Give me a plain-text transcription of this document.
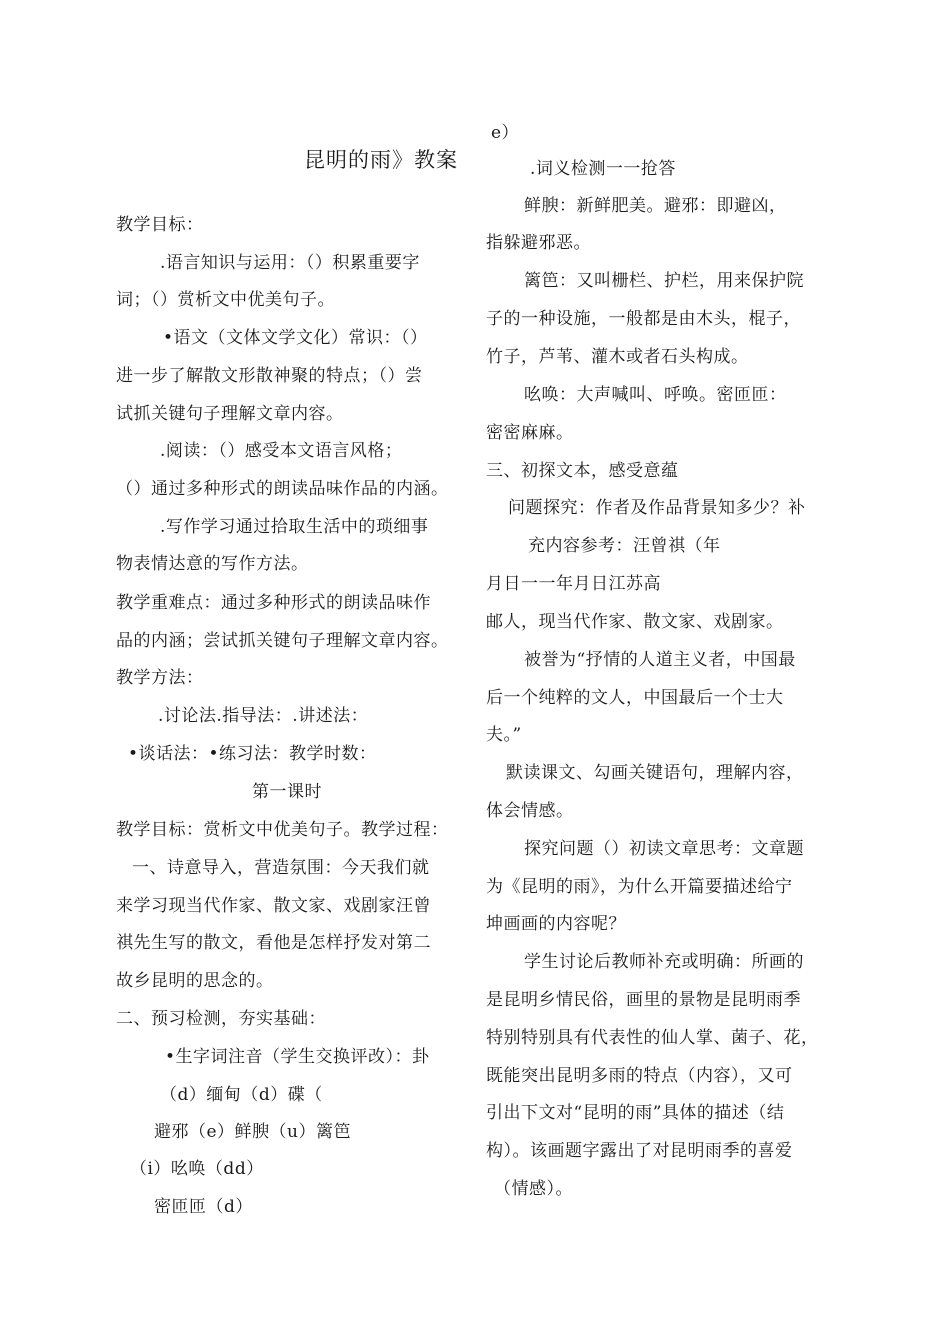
昆明的雨》教案
教学目标：
.语言知识与运用：（）积累重要字
词；（）赏析文中优美句子。
•语文（文体文学文化）常识：（）
进一步了解散文形散神聚的特点；（）尝
试抓关键句子理解文章内容。
.阅读：（）感受本文语言风格；
（）通过多种形式的朗读品味作品的内涵。
.写作学习通过拾取生活中的琐细事
物表情达意的写作方法。
教学重难点：通过多种形式的朗读品味作
品的内涵；尝试抓关键句子理解文章内容。
教学方法：
.讨论法.指导法：.讲述法：
•谈话法：•练习法：教学时数：
第一课时
教学目标：赏析文中优美句子。教学过程：
一、诗意导入，营造氛围：今天我们就
来学习现当代作家、散文家、戏剧家汪曾
祺先生写的散文，看他是怎样抒发对第二
故乡昆明的思念的。
二、预习检测，夯实基础：
•生字词注音（学生交换评改）：卦
（d）缅甸（d）碟（
避邪（e）鲜腴（u）篱笆
（i）吆唤（dd）
密匝匝（d）
e）
.词义检测一一抢答
鲜腴：新鲜肥美。避邪：即避凶，
指躲避邪恶。
篱笆：又叫栅栏、护栏，用来保护院
子的一种设施，一般都是由木头，棍子，
竹子，芦苇、灌木或者石头构成。
吆唤：大声喊叫、呼唤。密匝匝：
密密麻麻。
三、初探文本，感受意蕴
问题探究：作者及作品背景知多少？补
充内容参考：汪曾祺（年
月日一一年月日江苏高
邮人，现当代作家、散文家、戏剧家。
被誉为“抒情的人道主义者，中国最
后一个纯粹的文人，中国最后一个士大
夫。”
默读课文、勾画关键语句，理解内容，
体会情感。
探究问题（）初读文章思考：文章题
为《昆明的雨》，为什么开篇要描述给宁
坤画画的内容呢？
学生讨论后教师补充或明确：所画的
是昆明乡情民俗，画里的景物是昆明雨季
特别特别具有代表性的仙人掌、菌子、花，
既能突出昆明多雨的特点（内容），又可
引出下文对“昆明的雨”具体的描述（结
构）。该画题字露出了对昆明雨季的喜爱
（情感）。
